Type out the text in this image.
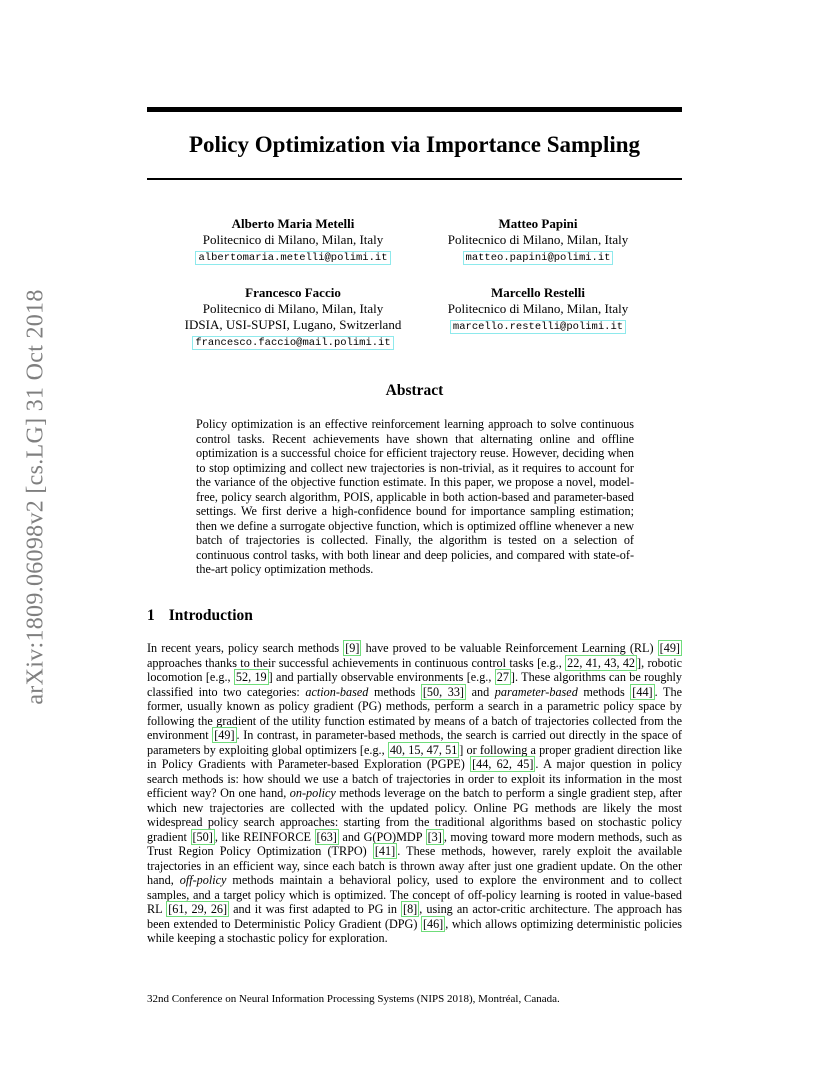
arXiv:1809.06098v2 [cs.LG] 31 Oct 2018
Policy Optimization via Importance Sampling
Alberto Maria Metelli
Politecnico di Milano, Milan, Italy
albertomaria.metelli@polimi.it
Matteo Papini
Politecnico di Milano, Milan, Italy
matteo.papini@polimi.it
Francesco Faccio
Politecnico di Milano, Milan, Italy
IDSIA, USI-SUPSI, Lugano, Switzerland
francesco.faccio@mail.polimi.it
Marcello Restelli
Politecnico di Milano, Milan, Italy
marcello.restelli@polimi.it
Abstract
Policy optimization is an effective reinforcement learning approach to solve continuous control tasks. Recent achievements have shown that alternating online and offline optimization is a successful choice for efficient trajectory reuse. However, deciding when to stop optimizing and collect new trajectories is non-trivial, as it requires to account for the variance of the objective function estimate. In this paper, we propose a novel, model-free, policy search algorithm, POIS, applicable in both action-based and parameter-based settings. We first derive a high-confidence bound for importance sampling estimation; then we define a surrogate objective function, which is optimized offline whenever a new batch of trajectories is collected. Finally, the algorithm is tested on a selection of continuous control tasks, with both linear and deep policies, and compared with state-of-the-art policy optimization methods.
1 Introduction
In recent years, policy search methods [9] have proved to be valuable Reinforcement Learning (RL) [49] approaches thanks to their successful achievements in continuous control tasks [e.g., 22, 41, 43, 42 ], robotic locomotion [e.g., 52, 19 ] and partially observable environments [e.g., 27 ]. These algorithms can be roughly classified into two categories: action-based methods [50, 33] and parameter-based methods [44] . The former, usually known as policy gradient (PG) methods, perform a search in a parametric policy space by following the gradient of the utility function estimated by means of a batch of trajectories collected from the environment [49] . In contrast, in parameter-based methods, the search is carried out directly in the space of parameters by exploiting global optimizers [e.g., 40, 15, 47, 51 ] or following a proper gradient direction like in Policy Gradients with Parameter-based Exploration (PGPE) [44, 62, 45] . A major question in policy search methods is: how should we use a batch of trajectories in order to exploit its information in the most efficient way? On one hand, on-policy methods leverage on the batch to perform a single gradient step, after which new trajectories are collected with the updated policy. Online PG methods are likely the most widespread policy search approaches: starting from the traditional algorithms based on stochastic policy gradient [50] , like REINFORCE [63] and G(PO)MDP [3] , moving toward more modern methods, such as Trust Region Policy Optimization (TRPO) [41] . These methods, however, rarely exploit the available trajectories in an efficient way, since each batch is thrown away after just one gradient update. On the other hand, off-policy methods maintain a behavioral policy, used to explore the environment and to collect samples, and a target policy which is optimized. The concept of off-policy learning is rooted in value-based RL [61, 29, 26] and it was first adapted to PG in [8] , using an actor-critic architecture. The approach has been extended to Deterministic Policy Gradient (DPG) [46] , which allows optimizing deterministic policies while keeping a stochastic policy for exploration.
32nd Conference on Neural Information Processing Systems (NIPS 2018), Montréal, Canada.
